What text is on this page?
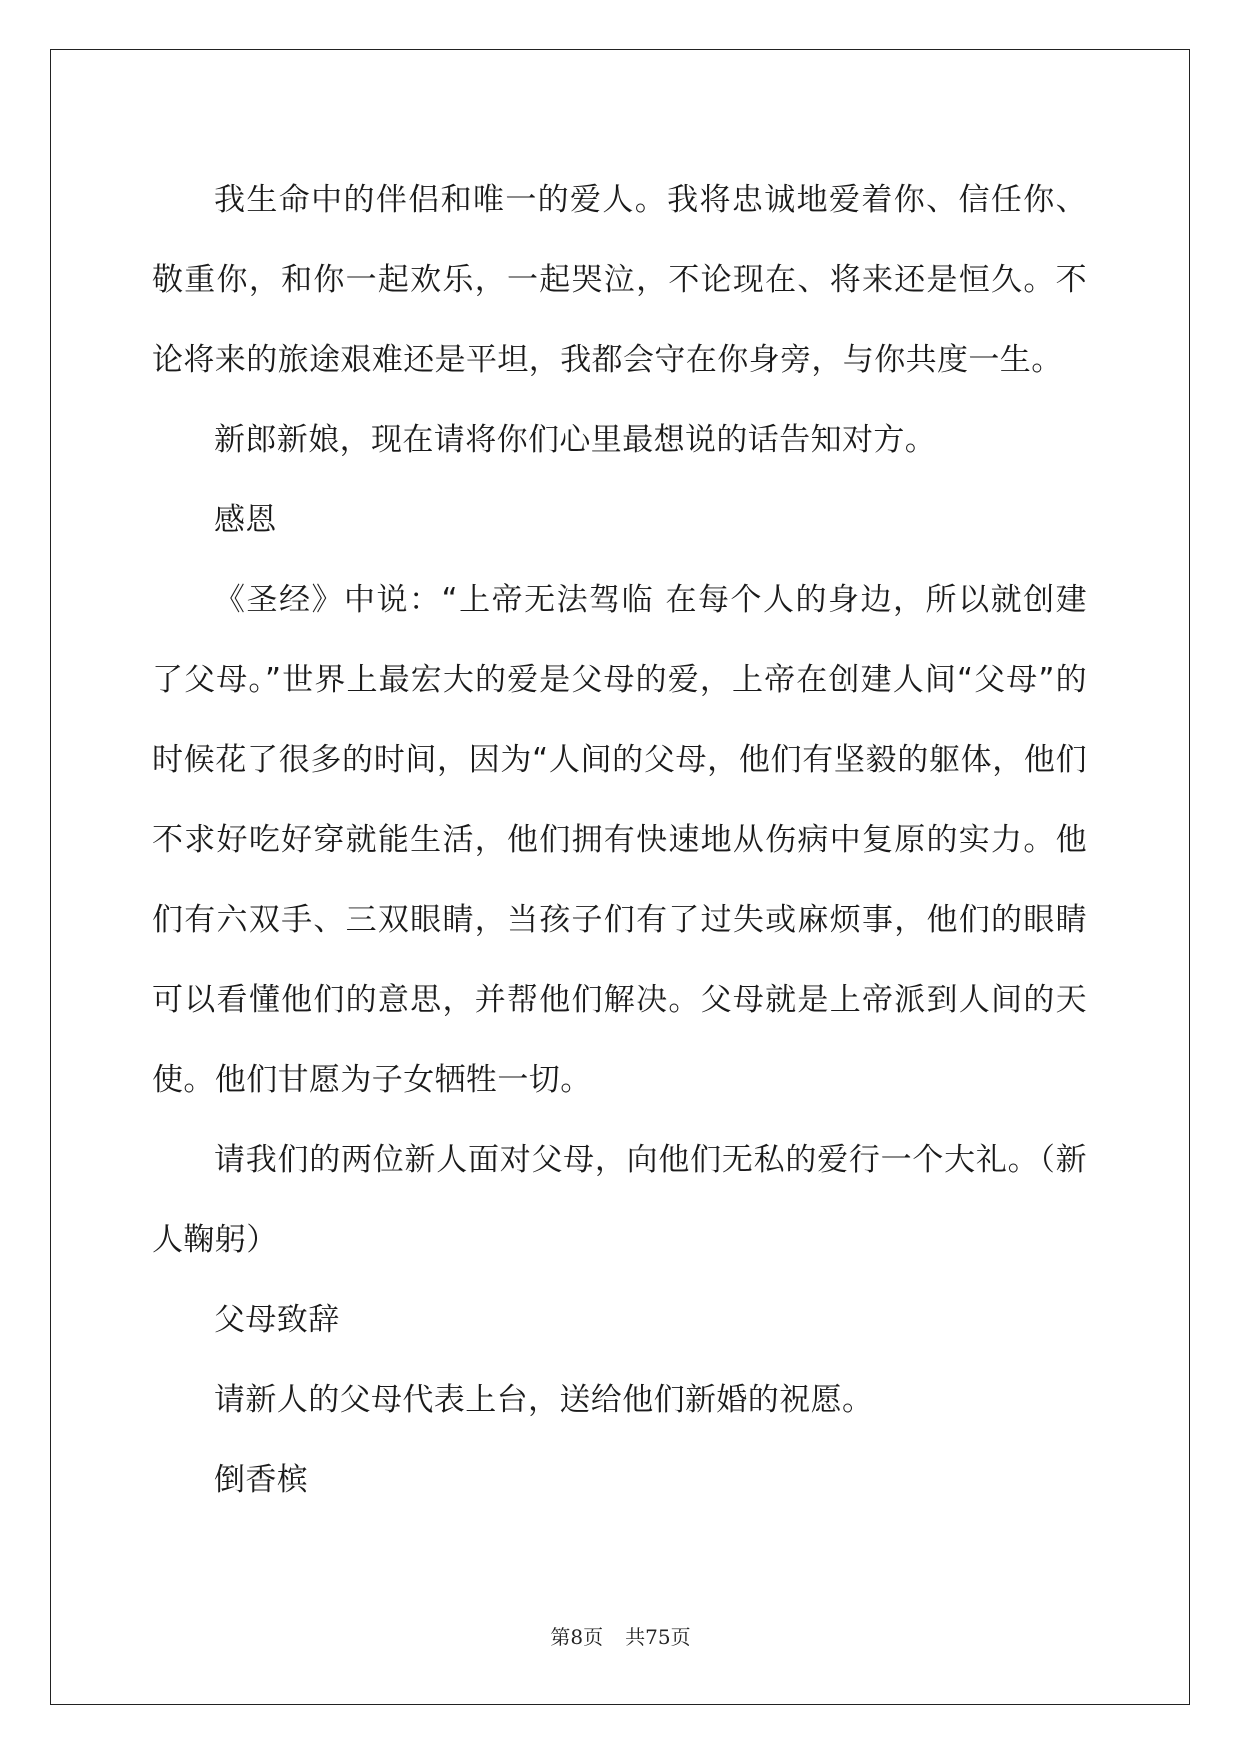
我生命中的伴侣和唯一的爱人。我将忠诚地爱着你、信任你、敬重你，和你一起欢乐，一起哭泣，不论现在、将来还是恒久。不论将来的旅途艰难还是平坦，我都会守在你身旁，与你共度一生。

新郎新娘，现在请将你们心里最想说的话告知对方。

感恩

《圣经》中说：“上帝无法驾临 在每个人的身边，所以就创建了父母。”世界上最宏大的爱是父母的爱，上帝在创建人间“父母”的时候花了很多的时间，因为“人间的父母，他们有坚毅的躯体，他们不求好吃好穿就能生活，他们拥有快速地从伤病中复原的实力。他们有六双手、三双眼睛，当孩子们有了过失或麻烦事，他们的眼睛可以看懂他们的意思，并帮他们解决。父母就是上帝派到人间的天使。他们甘愿为子女牺牲一切。

请我们的两位新人面对父母，向他们无私的爱行一个大礼。（新人鞠躬）

父母致辞

请新人的父母代表上台，送给他们新婚的祝愿。

倒香槟

第8页 共75页
